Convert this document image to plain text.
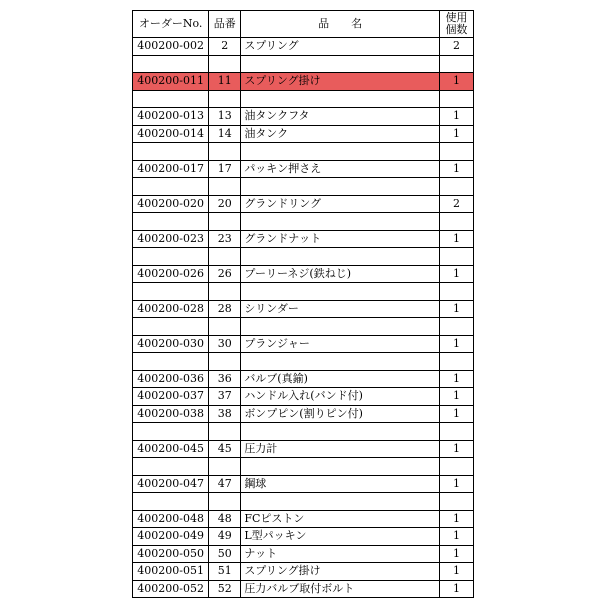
オーダーNo.	品番	品　　名	使用
個数
400200-002	2	スプリング	2

400200-011	11	スプリング掛け	1

400200-013	13	油タンクフタ	1
400200-014	14	油タンク	1

400200-017	17	パッキン押さえ	1

400200-020	20	グランドリング	2

400200-023	23	グランドナット	1

400200-026	26	プーリーネジ(鉄ねじ)	1

400200-028	28	シリンダー	1

400200-030	30	プランジャー	1

400200-036	36	バルブ(真鍮)	1
400200-037	37	ハンドル入れ(バンド付)	1
400200-038	38	ボンプピン(割りピン付)	1

400200-045	45	圧力計	1

400200-047	47	鋼球	1

400200-048	48	FCピストン	1
400200-049	49	L型パッキン	1
400200-050	50	ナット	1
400200-051	51	スプリング掛け	1
400200-052	52	圧力バルブ取付ボルト	1
